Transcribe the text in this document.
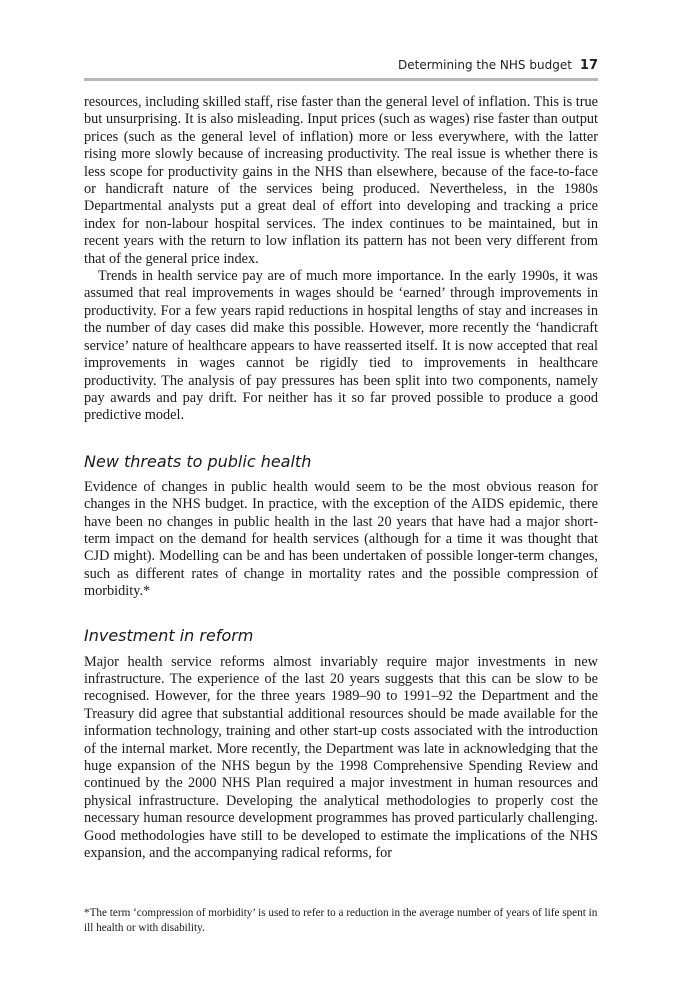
Determining the NHS budget 17

resources, including skilled staff, rise faster than the general level of inflation. This is true but unsurprising. It is also misleading. Input prices (such as wages) rise faster than output prices (such as the general level of inflation) more or less everywhere, with the latter rising more slowly because of increasing productivity. The real issue is whether there is less scope for productivity gains in the NHS than elsewhere, because of the face-to-face or handicraft nature of the services being produced. Nevertheless, in the 1980s Departmental analysts put a great deal of effort into developing and tracking a price index for non-labour hospital services. The index continues to be maintained, but in recent years with the return to low inflation its pattern has not been very different from that of the general price index.

Trends in health service pay are of much more importance. In the early 1990s, it was assumed that real improvements in wages should be ‘earned’ through improvements in productivity. For a few years rapid reductions in hospital lengths of stay and increases in the number of day cases did make this possible. However, more recently the ‘handicraft service’ nature of healthcare appears to have reasserted itself. It is now accepted that real improvements in wages cannot be rigidly tied to improvements in healthcare productivity. The analysis of pay pressures has been split into two components, namely pay awards and pay drift. For neither has it so far proved possible to produce a good predictive model.

New threats to public health

Evidence of changes in public health would seem to be the most obvious reason for changes in the NHS budget. In practice, with the exception of the AIDS epidemic, there have been no changes in public health in the last 20 years that have had a major short-term impact on the demand for health services (although for a time it was thought that CJD might). Modelling can be and has been undertaken of possible longer-term changes, such as different rates of change in mortality rates and the possible compression of morbidity.*

Investment in reform

Major health service reforms almost invariably require major investments in new infrastructure. The experience of the last 20 years suggests that this can be slow to be recognised. However, for the three years 1989–90 to 1991–92 the Department and the Treasury did agree that substantial additional resources should be made available for the information technology, training and other start-up costs associated with the introduction of the internal market. More recently, the Department was late in acknowledging that the huge expansion of the NHS begun by the 1998 Comprehensive Spending Review and continued by the 2000 NHS Plan required a major investment in human resources and physical infrastructure. Developing the analytical methodologies to properly cost the necessary human resource development programmes has proved particularly challenging. Good methodologies have still to be developed to estimate the implications of the NHS expansion, and the accompanying radical reforms, for

*The term ‘compression of morbidity’ is used to refer to a reduction in the average number of years of life spent in ill health or with disability.
